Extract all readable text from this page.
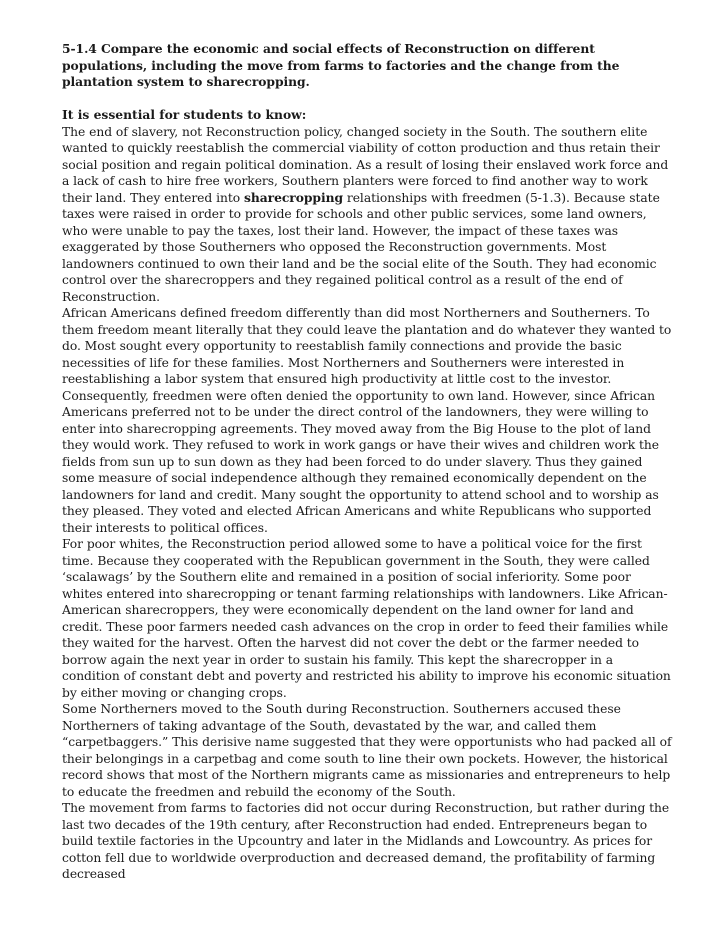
5-1.4 Compare the economic and social effects of Reconstruction on different populations, including the move from farms to factories and the change from the plantation system to sharecropping.

It is essential for students to know:

The end of slavery, not Reconstruction policy, changed society in the South. The southern elite wanted to quickly reestablish the commercial viability of cotton production and thus retain their social position and regain political domination. As a result of losing their enslaved work force and a lack of cash to hire free workers, Southern planters were forced to find another way to work their land. They entered into sharecropping relationships with freedmen (5-1.3). Because state taxes were raised in order to provide for schools and other public services, some land owners, who were unable to pay the taxes, lost their land. However, the impact of these taxes was exaggerated by those Southerners who opposed the Reconstruction governments. Most landowners continued to own their land and be the social elite of the South. They had economic control over the sharecroppers and they regained political control as a result of the end of Reconstruction.

African Americans defined freedom differently than did most Northerners and Southerners. To them freedom meant literally that they could leave the plantation and do whatever they wanted to do. Most sought every opportunity to reestablish family connections and provide the basic necessities of life for these families. Most Northerners and Southerners were interested in reestablishing a labor system that ensured high productivity at little cost to the investor. Consequently, freedmen were often denied the opportunity to own land. However, since African Americans preferred not to be under the direct control of the landowners, they were willing to enter into sharecropping agreements. They moved away from the Big House to the plot of land they would work. They refused to work in work gangs or have their wives and children work the fields from sun up to sun down as they had been forced to do under slavery. Thus they gained some measure of social independence although they remained economically dependent on the landowners for land and credit. Many sought the opportunity to attend school and to worship as they pleased. They voted and elected African Americans and white Republicans who supported their interests to political offices.

For poor whites, the Reconstruction period allowed some to have a political voice for the first time. Because they cooperated with the Republican government in the South, they were called ‘scalawags’ by the Southern elite and remained in a position of social inferiority. Some poor whites entered into sharecropping or tenant farming relationships with landowners. Like African-American sharecroppers, they were economically dependent on the land owner for land and credit. These poor farmers needed cash advances on the crop in order to feed their families while they waited for the harvest. Often the harvest did not cover the debt or the farmer needed to borrow again the next year in order to sustain his family. This kept the sharecropper in a condition of constant debt and poverty and restricted his ability to improve his economic situation by either moving or changing crops.

Some Northerners moved to the South during Reconstruction. Southerners accused these Northerners of taking advantage of the South, devastated by the war, and called them “carpetbaggers.” This derisive name suggested that they were opportunists who had packed all of their belongings in a carpetbag and come south to line their own pockets. However, the historical record shows that most of the Northern migrants came as missionaries and entrepreneurs to help to educate the freedmen and rebuild the economy of the South.

The movement from farms to factories did not occur during Reconstruction, but rather during the last two decades of the 19th century, after Reconstruction had ended. Entrepreneurs began to build textile factories in the Upcountry and later in the Midlands and Lowcountry. As prices for cotton fell due to worldwide overproduction and decreased demand, the profitability of farming decreased
